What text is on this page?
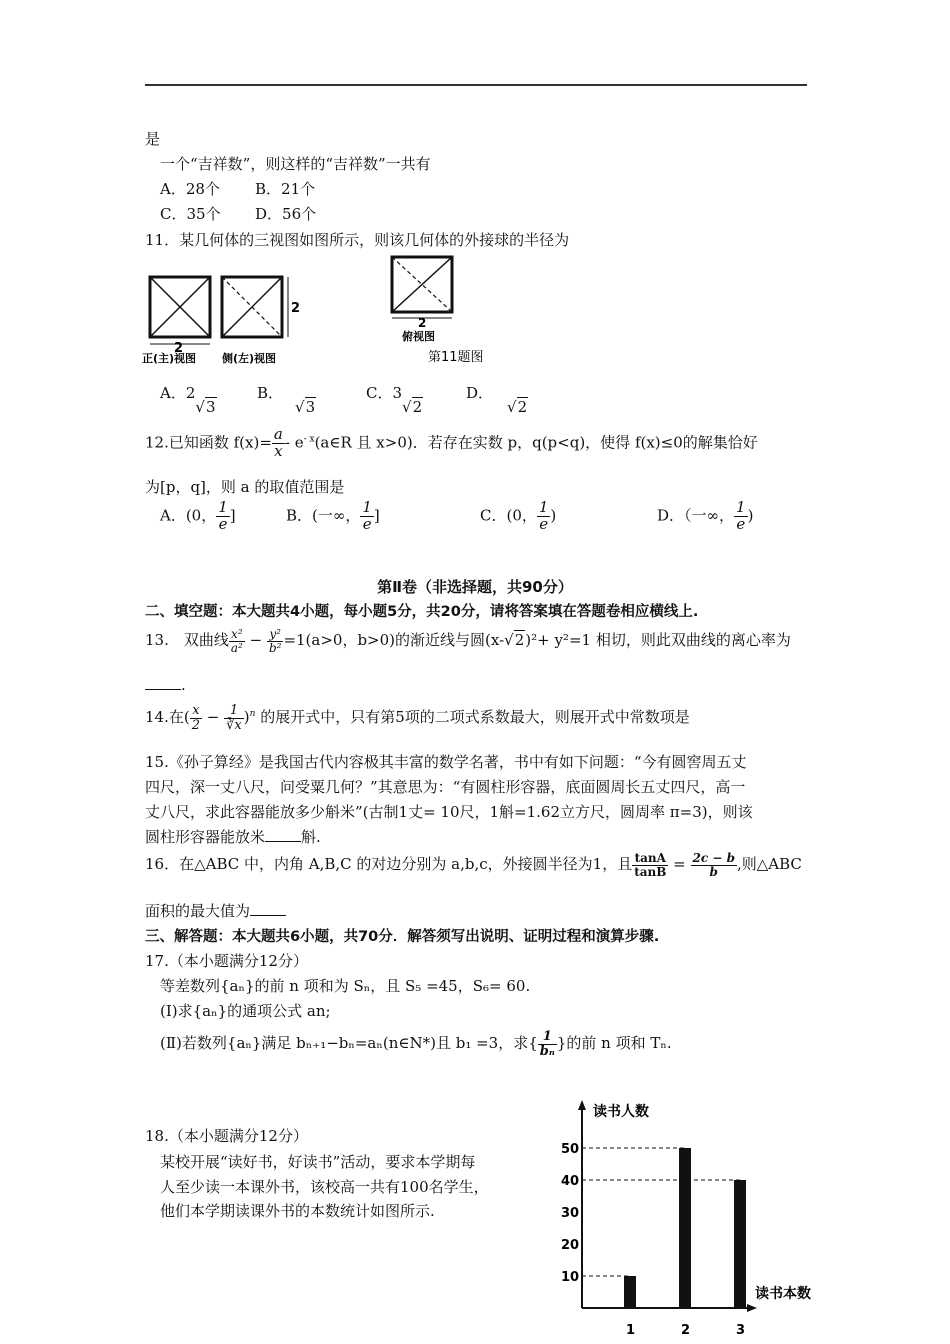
是
一个“吉祥数”，则这样的“吉祥数”一共有
A．28个 B．21个
C．35个 D．56个
11．某几何体的三视图如图所示，则该几何体的外接球的半径为
2
2
正(主)视图 侧(左)视图
2
俯视图
第11题图
A．2√3
B．√3
C．3√2
D．√2
12.已知函数 $f(x)= \frac{a}{x}$ - $e^{- x}(a\in R$ 且 x>0)．若存在实数 p，q(p<q)，使得 f(x)≤0的解集恰好
为[p，q]，则 a 的取值范围是
A．(0， $\frac{1}{e}$ ]	B．(一∞， $\frac{1}{e}$ ]	C．(0， $\frac{1}{e}$ )	D．（一∞， $\frac{1}{e}$ )
第Ⅱ卷（非选择题，共90分）
二、填空题：本大题共4小题，每小题5分，共20分，请将答案填在答题卷相应横线上.
13.　双曲线 $\frac{\text{x²}}{\text{a²}} - \frac{\text{y²}}{\text{b²}} =1(a>0$，b>0)的渐近线与圆(x-√2)²+ y²=1 相切，则此双曲线的离心率为
.
14.在( $\frac{x}{2} - \frac{1}{∛x} )^n$ 的展开式中，只有第5项的二项式系数最大，则展开式中常数项是
15.《孙子算经》是我国古代内容极其丰富的数学名著，书中有如下问题：“今有圆窖周五丈
四尺，深一丈八尺，问受粟几何？”其意思为：“有圆柱形容器，底面圆周长五丈四尺，高一
丈八尺，求此容器能放多少斛米”(古制1丈= 10尺，1斛=1.62立方尺，圆周率 π=3)，则该
圆柱形容器能放米 斛.
16．在△ABC 中，内角 A,B,C 的对边分别为 a,b,c，外接圆半径为1，且 $\frac{\tan A}{\tan B} = \frac{2c - b}{b}$ ,则△ABC
面积的最大值为
三、解答题：本大题共6小题，共70分．解答须写出说明、证明过程和演算步骤.
17.（本小题满分12分）
等差数列{aₙ}的前 n 项和为 Sₙ，且 S₅ =45，S₆= 60.
(Ⅰ)求{aₙ}的通项公式 an;
(Ⅱ)若数列{aₙ}满足 bₙ₊₁−bₙ=aₙ(n∈N*)且 b₁ =3，求{ $\frac{1}{\text{bₙ}}$ }的前 n 项和 Tₙ.
18.（本小题满分12分）
某校开展“读好书，好读书”活动，要求本学期每
人至少读一本课外书，该校高一共有100名学生，
他们本学期读课外书的本数统计如图所示.
读书人数
读书本数
10
20
30
40
50
1	2	3
